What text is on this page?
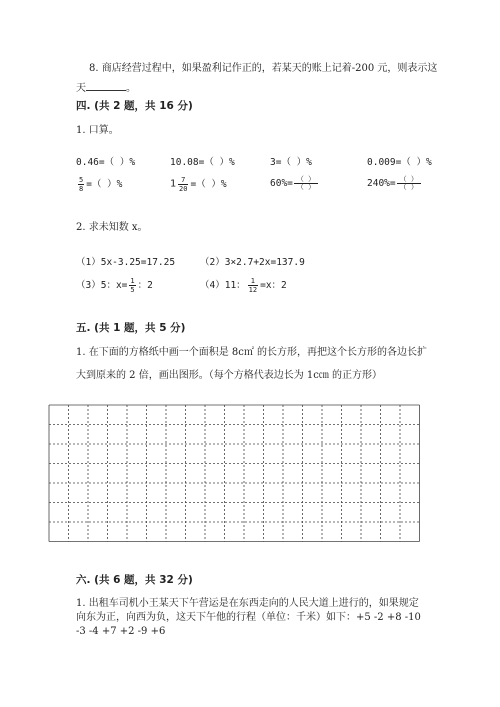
8. 商店经营过程中，如果盈利记作正的，若某天的账上记着-200 元，则表示这
天	。
四. (共 2 题，共 16 分)
1. 口算。
0.46=（ ）%	10.08=（ ）%	3=（ ）%	0.009=（ ）%
$\frac{5}{8}$ =（ ）%	$1 \frac{7}{20}$ =（ ）%	$60\%= \frac{( )}{( )}$	$240\%= \frac{( )}{( )}$
2. 求未知数 x。
（1）5x-3.25=17.25	（2）3×2.7+2x=137.9
（3）5：$x= \frac{1}{5}$ ：2	（4）11： $\frac{1}{12} =x$：2
五. (共 1 题，共 5 分)
1. 在下面的方格纸中画一个面积是 8c㎡ 的长方形，再把这个长方形的各边长扩
大到原来的 2 倍，画出图形。（每个方格代表边长为 1c㎝ 的正方形）
六. (共 6 题，共 32 分)
1. 出租车司机小王某天下午营运是在东西走向的人民大道上进行的，如果规定
向东为正，向西为负，这天下午他的行程（单位：千米）如下：+5 -2 +8 -10
-3 -4 +7 +2 -9 +6
